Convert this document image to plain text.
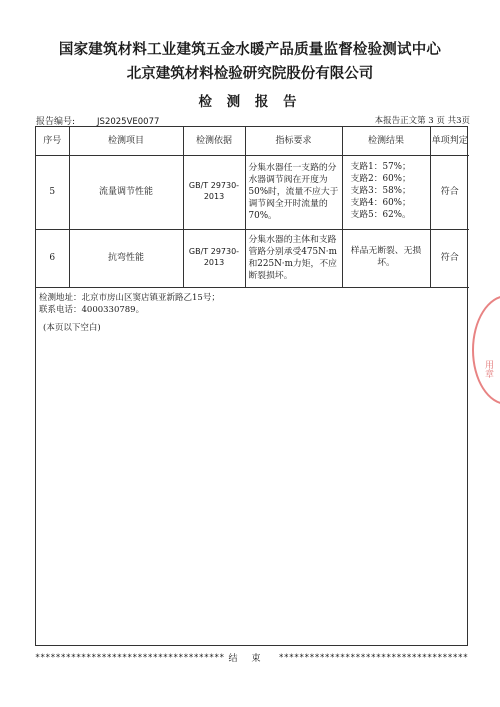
国家建筑材料工业建筑五金水暖产品质量监督检验测试中心
北京建筑材料检验研究院股份有限公司
检 测 报 告
报告编号:	JS2025VE0077	本报告正文第 3 页 共3页
序号	检测项目	检测依据	指标要求	检测结果	单项判定
5	流量调节性能	GB/T 29730-2013	分集水器任一支路的分水器调节阀在开度为50%时，流量不应大于调节阀全开时流量的70%。	支路1：57%；
支路2：60%；
支路3：58%；
支路4：60%；
支路5：62%。	符合
6	抗弯性能	GB/T 29730-2013	分集水器的主体和支路管路分别承受475N·m和225N·m力矩，不应断裂损坏。	样品无断裂、无损坏。	符合
检测地址：北京市房山区窦店镇亚新路乙15号；
联系电话：4000330789。
(本页以下空白)
************************************* 结束 *************************************
用章
